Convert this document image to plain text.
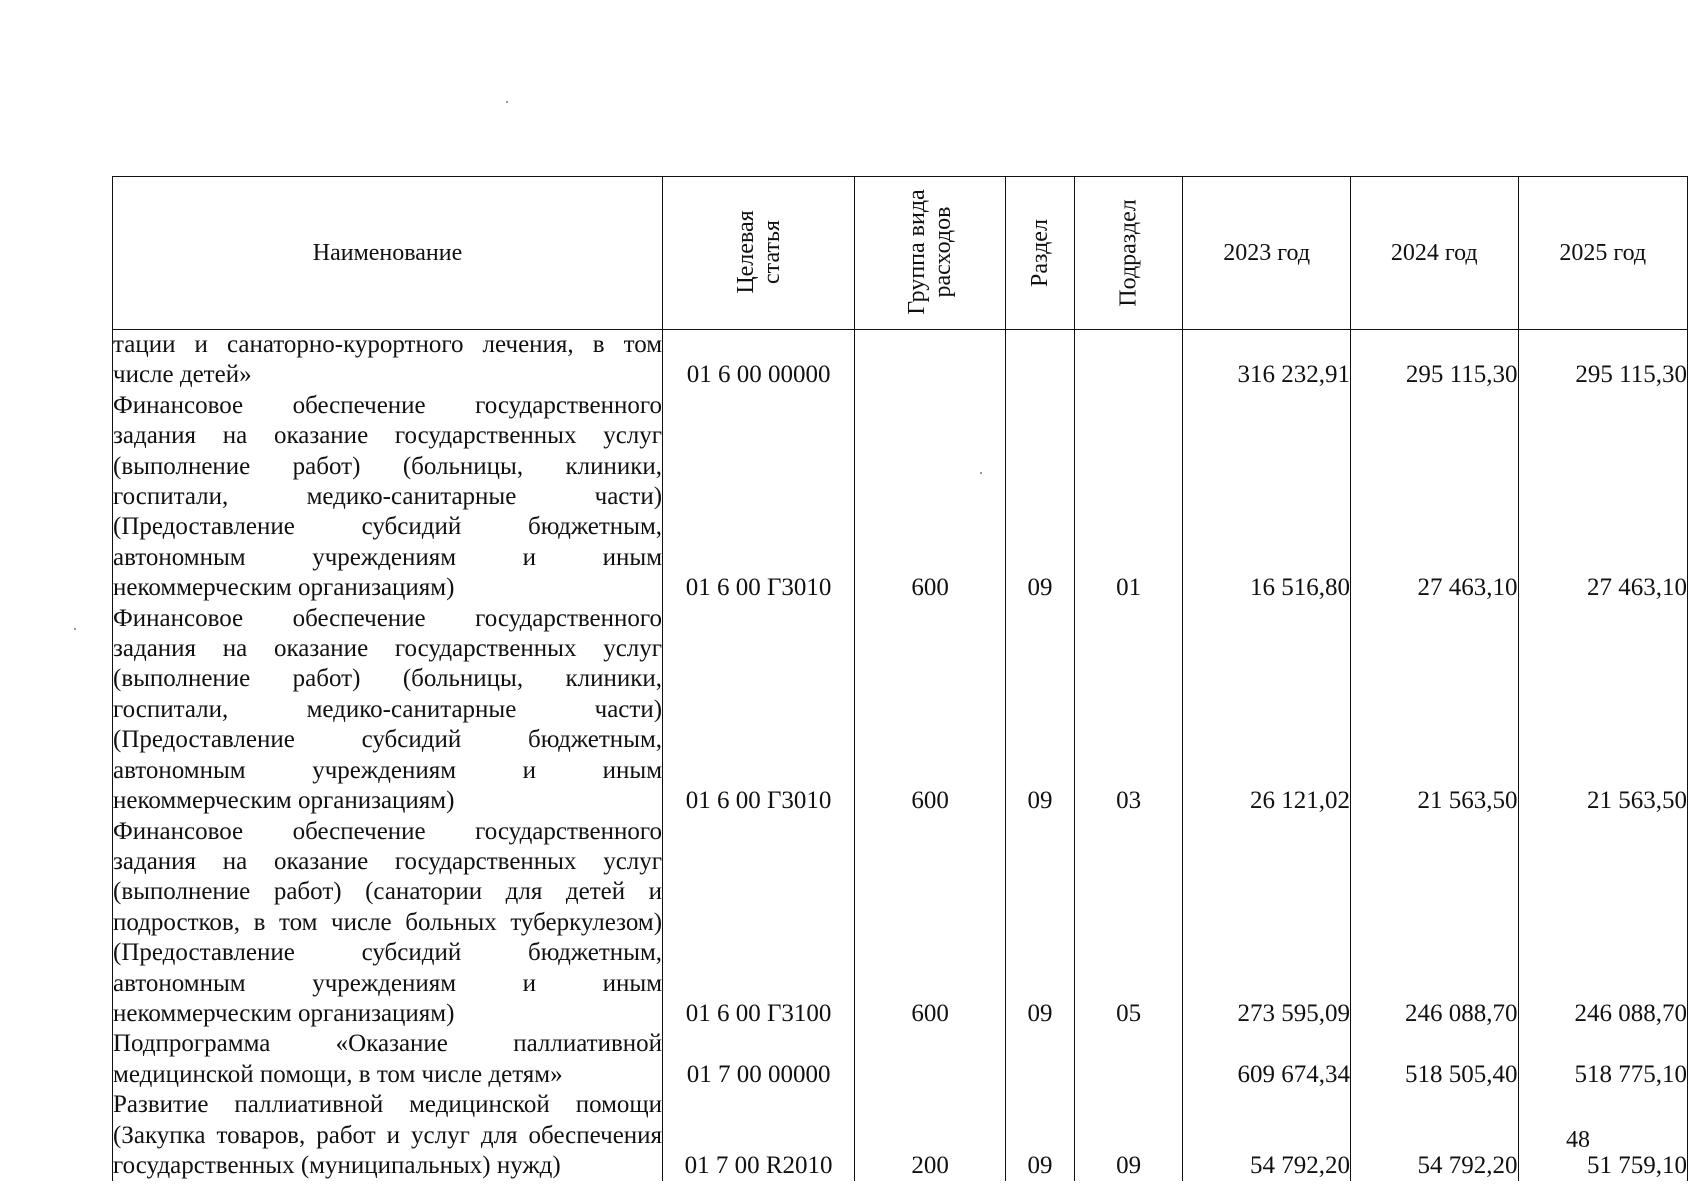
Наименование	Целевая статья	Группа вида расходов	Раздел	Подраздел	2023 год	2024 год	2025 год

тации и санаторно-курортного лечения, в том числе детей»	01 6 00 00000				316 232,91	295 115,30	295 115,30

Финансовое обеспечение государственного задания на оказание государственных услуг (выполнение работ) (больницы, клиники, госпитали, медико-санитарные части) (Предоставление субсидий бюджетным, автономным учреждениям и иным некоммерческим организациям)	01 6 00 Г3010	600	09	01	16 516,80	27 463,10	27 463,10

Финансовое обеспечение государственного задания на оказание государственных услуг (выполнение работ) (больницы, клиники, госпитали, медико-санитарные части) (Предоставление субсидий бюджетным, автономным учреждениям и иным некоммерческим организациям)	01 6 00 Г3010	600	09	03	26 121,02	21 563,50	21 563,50

Финансовое обеспечение государственного задания на оказание государственных услуг (выполнение работ) (санатории для детей и подростков, в том числе больных туберкулезом) (Предоставление субсидий бюджетным, автономным учреждениям и иным некоммерческим организациям)	01 6 00 Г3100	600	09	05	273 595,09	246 088,70	246 088,70

Подпрограмма «Оказание паллиативной медицинской помощи, в том числе детям»	01 7 00 00000				609 674,34	518 505,40	518 775,10

Развитие паллиативной медицинской помощи (Закупка товаров, работ и услуг для обеспечения государственных (муниципальных) нужд)	01 7 00 R2010	200	09	09	54 792,20	54 792,20	51 759,10
48
